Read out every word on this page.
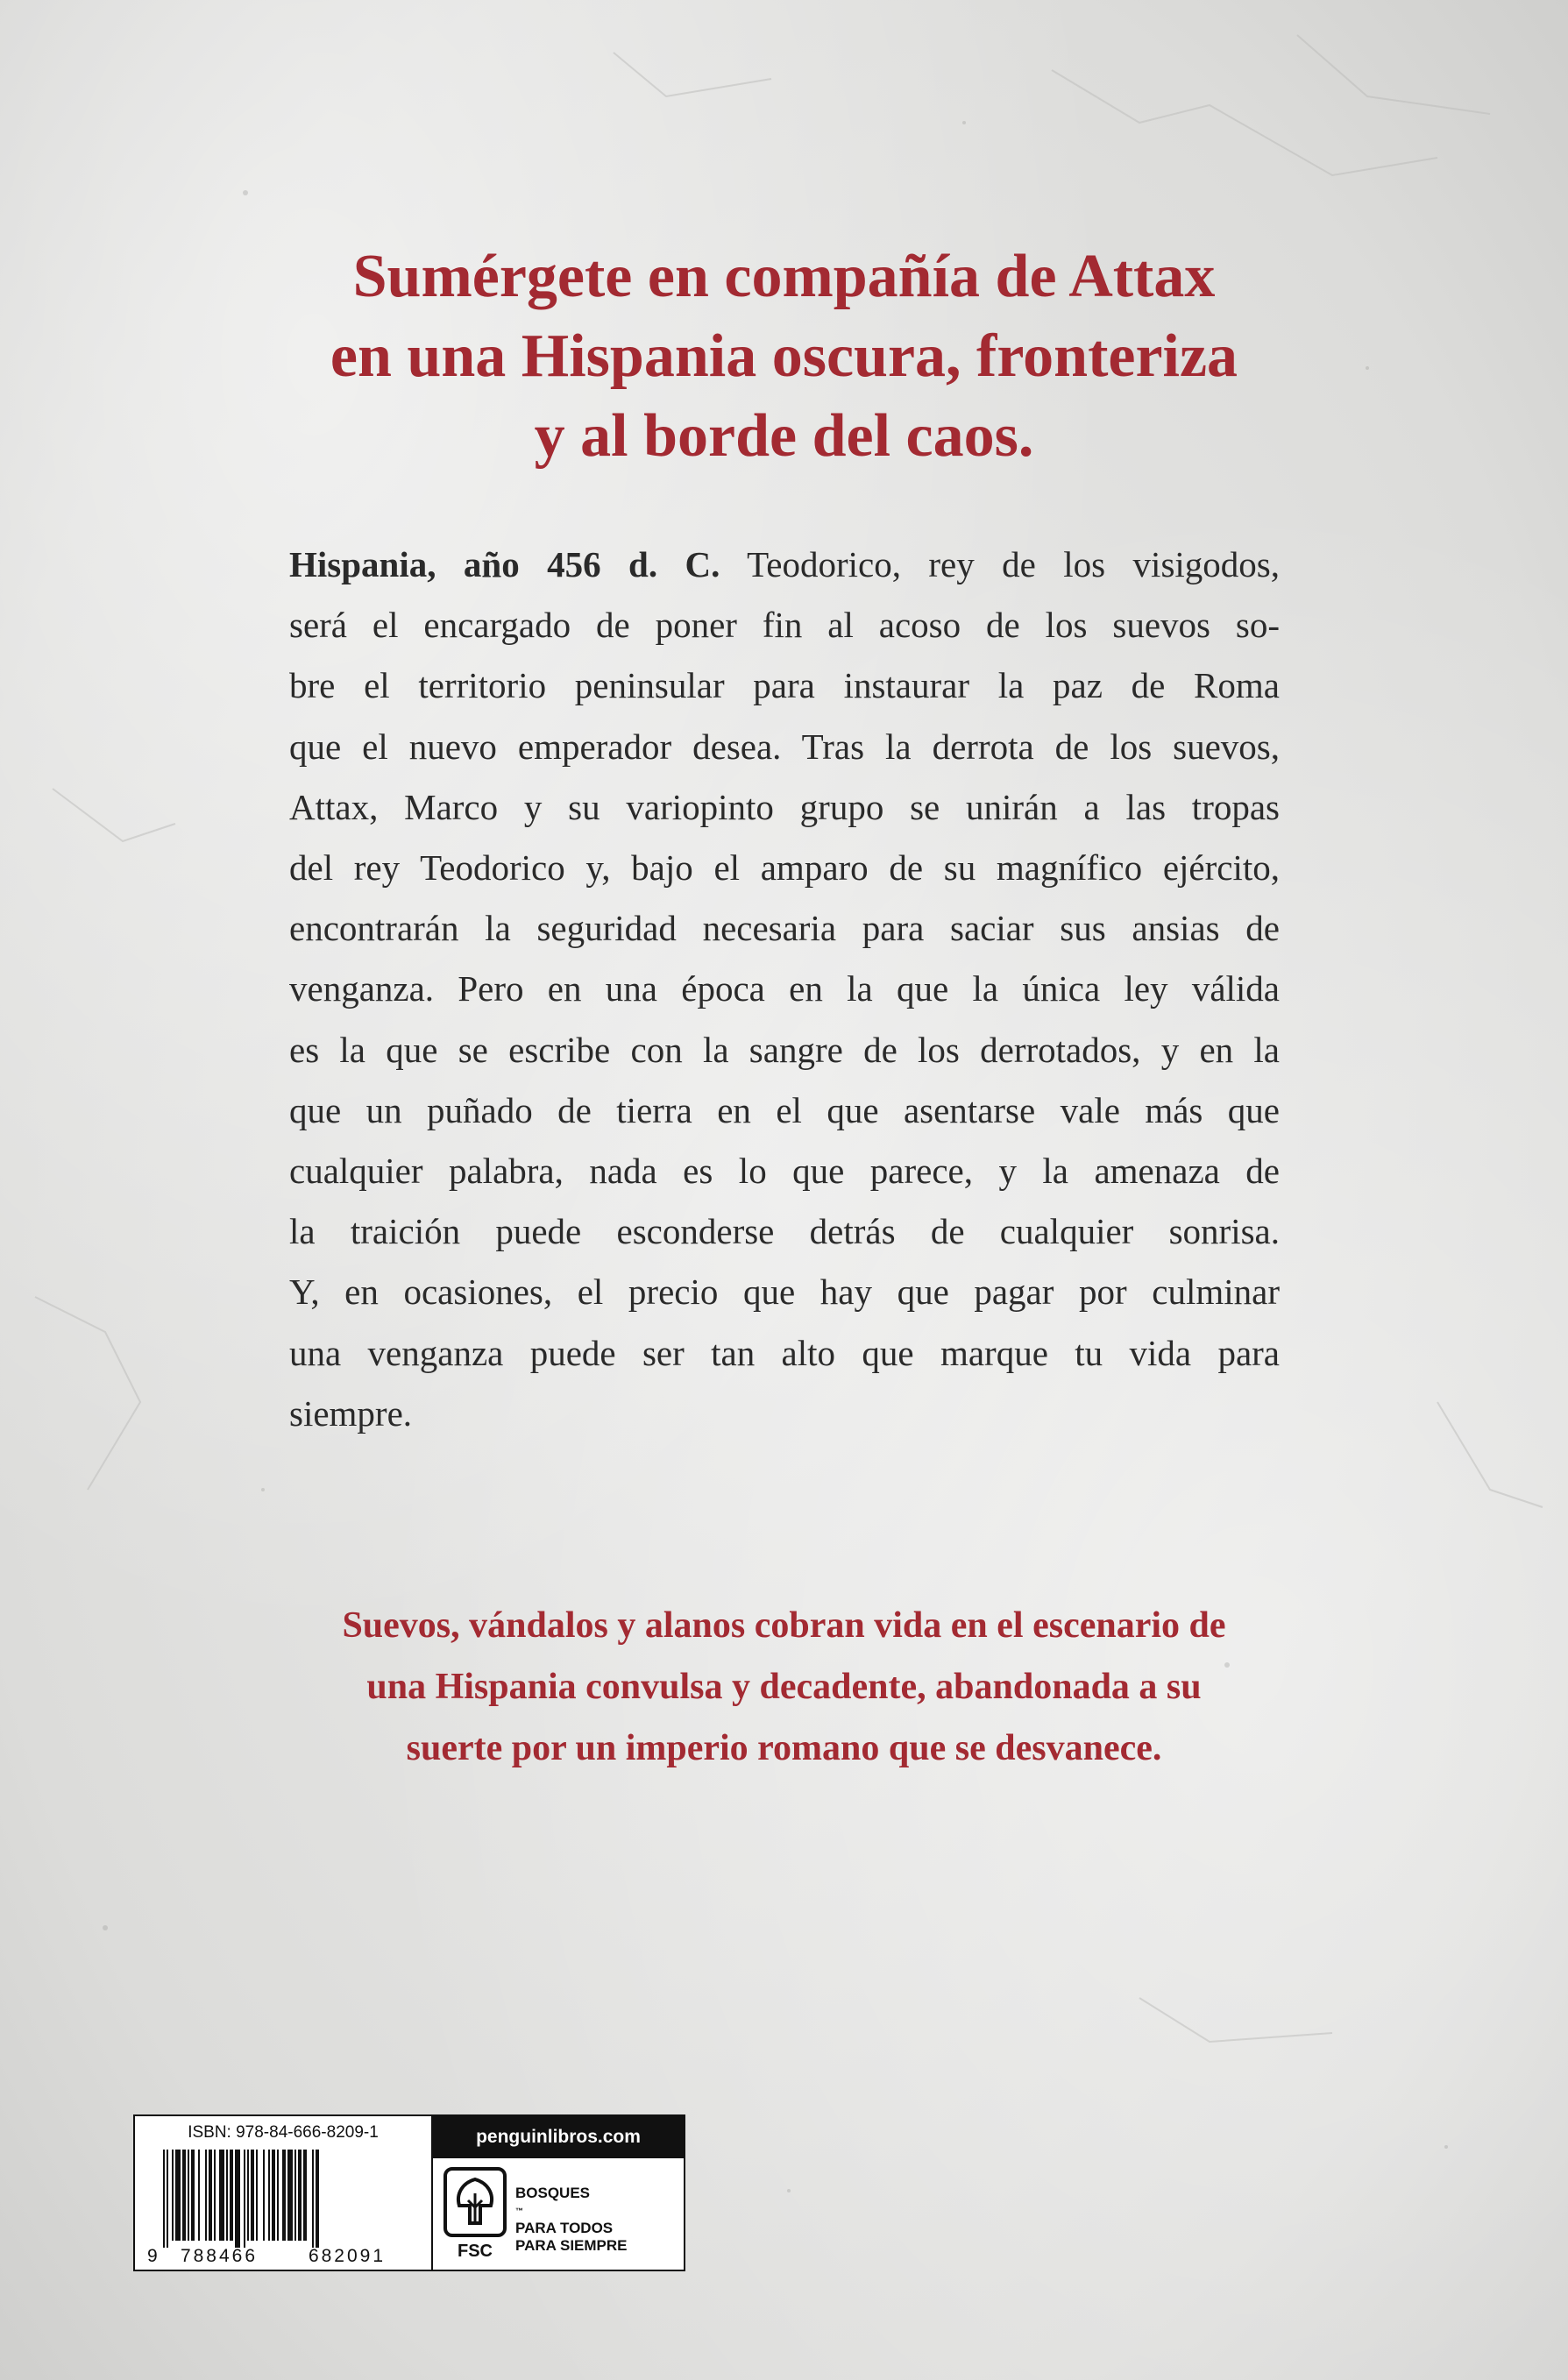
Sumérgete en compañía de Attax
en una Hispania oscura, fronteriza
y al borde del caos.
Hispania, año 456 d. C. Teodorico, rey de los visigodos,
será el encargado de poner fin al acoso de los suevos so-
bre el territorio peninsular para instaurar la paz de Roma
que el nuevo emperador desea. Tras la derrota de los suevos,
Attax, Marco y su variopinto grupo se unirán a las tropas
del rey Teodorico y, bajo el amparo de su magnífico ejército,
encontrarán la seguridad necesaria para saciar sus ansias de
venganza. Pero en una época en la que la única ley válida
es la que se escribe con la sangre de los derrotados, y en la
que un puñado de tierra en el que asentarse vale más que
cualquier palabra, nada es lo que parece, y la amenaza de
la traición puede esconderse detrás de cualquier sonrisa.
Y, en ocasiones, el precio que hay que pagar por culminar
una venganza puede ser tan alto que marque tu vida para
siempre.
Suevos, vándalos y alanos cobran vida en el escenario de
una Hispania convulsa y decadente, abandonada a su
suerte por un imperio romano que se desvanece.
ISBN: 978-84-666-8209-1
9 788466	682091
penguinlibros.com
FSC
BOSQUES
™
PARA TODOS
PARA SIEMPRE
